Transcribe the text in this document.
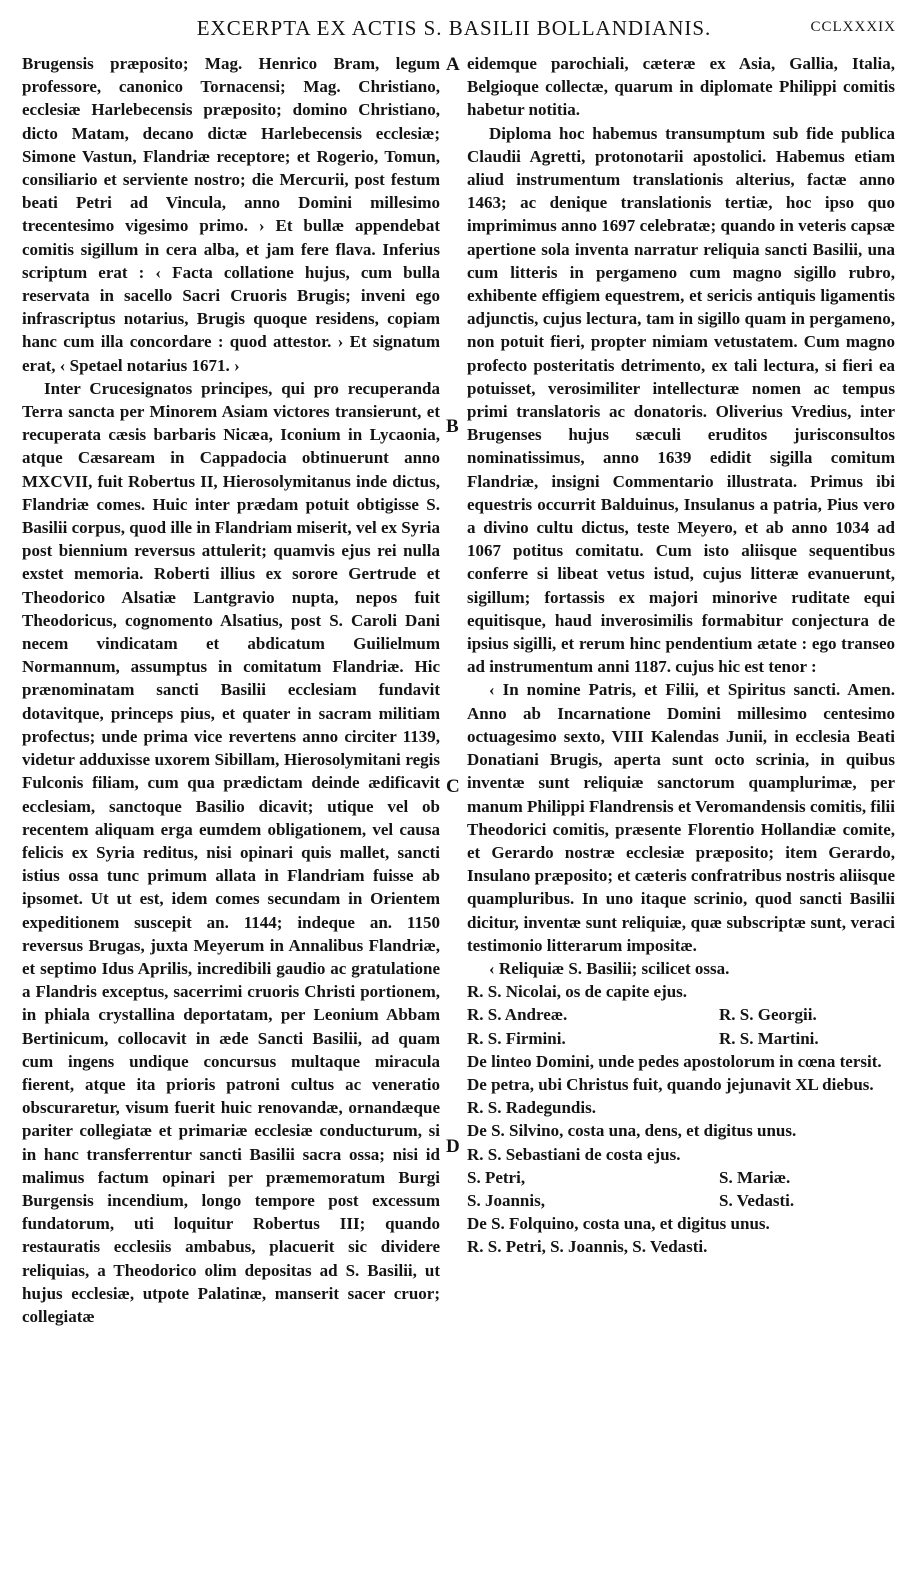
EXCERPTA EX ACTIS S. BASILII BOLLANDIANIS.	CCLXXXIX

Brugensis præposito; Mag. Henrico Bram, legum professore, canonico Tornacensi; Mag. Christiano, ecclesiæ Harlebecensis præposito; domino Christiano, dicto Matam, decano dictæ Harlebecensis ecclesiæ; Simone Vastun, Flandriæ receptore; et Rogerio, Tomun, consiliario et serviente nostro; die Mercurii, post festum beati Petri ad Vincula, anno Domini millesimo trecentesimo vigesimo primo. › Et bullæ appendebat comitis sigillum in cera alba, et jam fere flava. Inferius scriptum erat : ‹ Facta collatione hujus, cum bulla reservata in sacello Sacri Cruoris Brugis; inveni ego infrascriptus notarius, Brugis quoque residens, copiam hanc cum illa concordare : quod attestor. › Et signatum erat, ‹ Spetael notarius 1671. ›

Inter Crucesignatos principes, qui pro recuperanda Terra sancta per Minorem Asiam victores transierunt, et recuperata cæsis barbaris Nicæa, Iconium in Lycaonia, atque Cæsaream in Cappadocia obtinuerunt anno MXCVII, fuit Robertus II, Hierosolymitanus inde dictus, Flandriæ comes. Huic inter prædam potuit obtigisse S. Basilii corpus, quod ille in Flandriam miserit, vel ex Syria post biennium reversus attulerit; quamvis ejus rei nulla exstet memoria. Roberti illius ex sorore Gertrude et Theodorico Alsatiæ Lantgravio nupta, nepos fuit Theodoricus, cognomento Alsatius, post S. Caroli Dani necem vindicatam et abdicatum Guilielmum Normannum, assumptus in comitatum Flandriæ. Hic prænominatam sancti Basilii ecclesiam fundavit dotavitque, princeps pius, et quater in sacram militiam profectus; unde prima vice revertens anno circiter 1139, videtur adduxisse uxorem Sibillam, Hierosolymitani regis Fulconis filiam, cum qua prædictam deinde ædificavit ecclesiam, sanctoque Basilio dicavit; utique vel ob recentem aliquam erga eumdem obligationem, vel causa felicis ex Syria reditus, nisi opinari quis mallet, sancti istius ossa tunc primum allata in Flandriam fuisse ab ipsomet. Ut ut est, idem comes secundam in Orientem expeditionem suscepit an. 1144; indeque an. 1150 reversus Brugas, juxta Meyerum in Annalibus Flandriæ, et septimo Idus Aprilis, incredibili gaudio ac gratulatione a Flandris exceptus, sacerrimi cruoris Christi portionem, in phiala crystallina deportatam, per Leonium Abbam Bertinicum, collocavit in æde Sancti Basilii, ad quam cum ingens undique concursus multaque miracula fierent, atque ita prioris patroni cultus ac veneratio obscuraretur, visum fuerit huic renovandæ, ornandæque pariter collegiatæ et primariæ ecclesiæ conducturum, si in hanc transferrentur sancti Basilii sacra ossa; nisi id malimus factum opinari per præmemoratum Burgi Burgensis incendium, longo tempore post excessum fundatorum, uti loquitur Robertus III; quando restauratis ecclesiis ambabus, placuerit sic dividere reliquias, a Theodorico olim depositas ad S. Basilii, ut hujus ecclesiæ, utpote Palatinæ, manserit sacer cruor; collegiatæ

A
B
C
D

eidemque parochiali, cæteræ ex Asia, Gallia, Italia, Belgioque collectæ, quarum in diplomate Philippi comitis habetur notitia.

Diploma hoc habemus transumptum sub fide publica Claudii Agretti, protonotarii apostolici. Habemus etiam aliud instrumentum translationis alterius, factæ anno 1463; ac denique translationis tertiæ, hoc ipso quo imprimimus anno 1697 celebratæ; quando in veteris capsæ apertione sola inventa narratur reliquia sancti Basilii, una cum litteris in pergameno cum magno sigillo rubro, exhibente effigiem equestrem, et sericis antiquis ligamentis adjunctis, cujus lectura, tam in sigillo quam in pergameno, non potuit fieri, propter nimiam vetustatem. Cum magno profecto posteritatis detrimento, ex tali lectura, si fieri ea potuisset, verosimiliter intellecturæ nomen ac tempus primi translatoris ac donatoris. Oliverius Vredius, inter Brugenses hujus sæculi eruditos jurisconsultos nominatissimus, anno 1639 edidit sigilla comitum Flandriæ, insigni Commentario illustrata. Primus ibi equestris occurrit Balduinus, Insulanus a patria, Pius vero a divino cultu dictus, teste Meyero, et ab anno 1034 ad 1067 potitus comitatu. Cum isto aliisque sequentibus conferre si libeat vetus istud, cujus litteræ evanuerunt, sigillum; fortassis ex majori minorive ruditate equi equitisque, haud inverosimilis formabitur conjectura de ipsius sigilli, et rerum hinc pendentium ætate : ego transeo ad instrumentum anni 1187. cujus hic est tenor :

‹ In nomine Patris, et Filii, et Spiritus sancti. Amen. Anno ab Incarnatione Domini millesimo centesimo octuagesimo sexto, VIII Kalendas Junii, in ecclesia Beati Donatiani Brugis, aperta sunt octo scrinia, in quibus inventæ sunt reliquiæ sanctorum quamplurimæ, per manum Philippi Flandrensis et Veromandensis comitis, filii Theodorici comitis, præsente Florentio Hollandiæ comite, et Gerardo nostræ ecclesiæ præposito; item Gerardo, Insulano præposito; et cæteris confratribus nostris aliisque quampluribus. In uno itaque scrinio, quod sancti Basilii dicitur, inventæ sunt reliquiæ, quæ subscriptæ sunt, veraci testimonio litterarum impositæ.

‹ Reliquiæ S. Basilii; scilicet ossa.

R. S. Nicolai, os de capite ejus.
R. S. Andreæ.	R. S. Georgii.
R. S. Firmini.	R. S. Martini.
De linteo Domini, unde pedes apostolorum in cœna tersit.
De petra, ubi Christus fuit, quando jejunavit XL diebus.
R. S. Radegundis.
De S. Silvino, costa una, dens, et digitus unus.
R. S. Sebastiani de costa ejus.
S. Petri,	S. Mariæ.
S. Joannis,	S. Vedasti.
De S. Folquino, costa una, et digitus unus.
R. S. Petri, S. Joannis, S. Vedasti.
